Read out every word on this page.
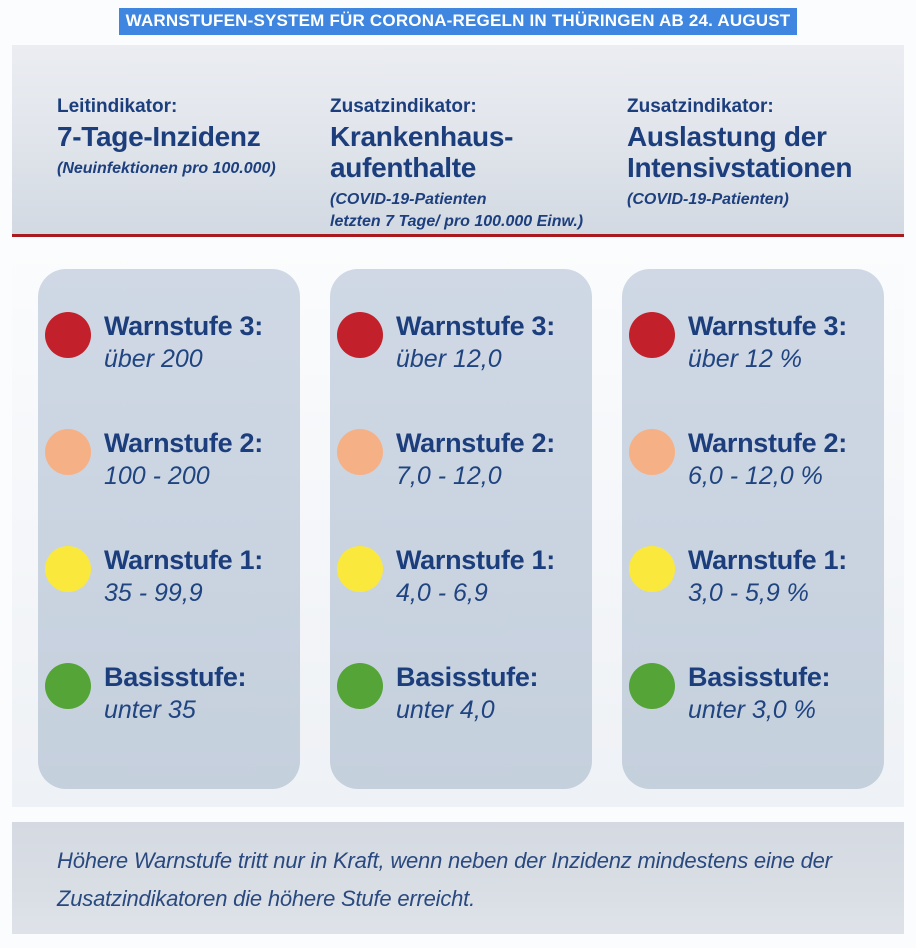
WARNSTUFEN-SYSTEM FÜR CORONA-REGELN IN THÜRINGEN AB 24. AUGUST
Leitindikator:
7-Tage-Inzidenz
(Neuinfektionen pro 100.000)
Zusatzindikator:
Krankenhaus-
aufenthalte
(COVID-19-Patienten
letzten 7 Tage/ pro 100.000 Einw.)
Zusatzindikator:
Auslastung der
Intensivstationen
(COVID-19-Patienten)
Warnstufe 3:
über 200
Warnstufe 2:
100 - 200
Warnstufe 1:
35 - 99,9
Basisstufe:
unter 35
Warnstufe 3:
über 12,0
Warnstufe 2:
7,0 - 12,0
Warnstufe 1:
4,0 - 6,9
Basisstufe:
unter 4,0
Warnstufe 3:
über 12 %
Warnstufe 2:
6,0 - 12,0 %
Warnstufe 1:
3,0 - 5,9 %
Basisstufe:
unter 3,0 %
Höhere Warnstufe tritt nur in Kraft, wenn neben der Inzidenz mindestens eine der
Zusatzindikatoren die höhere Stufe erreicht.
